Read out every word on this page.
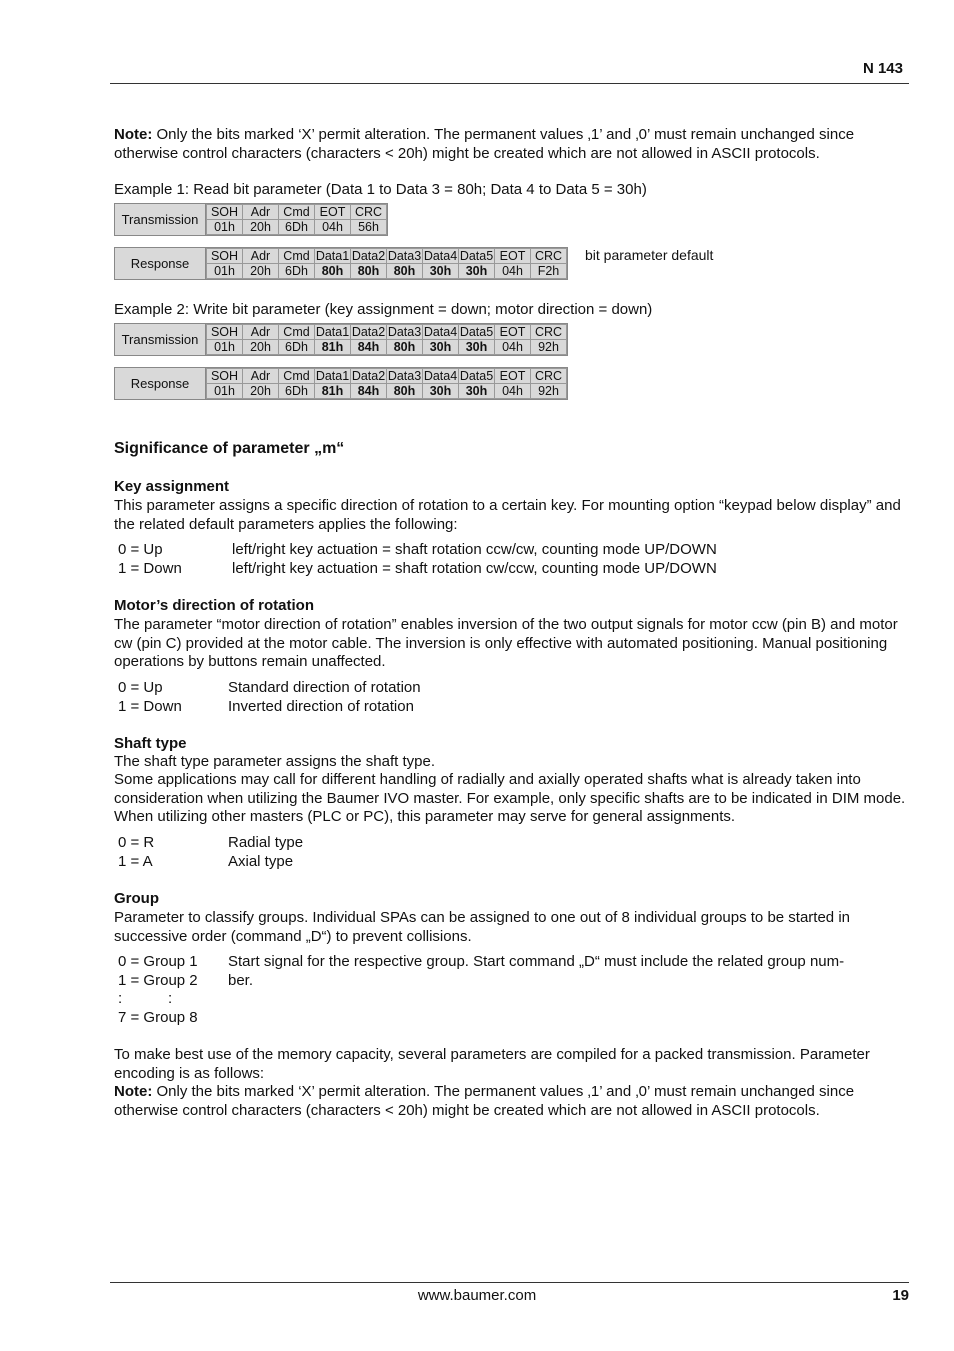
N 143
Note: Only the bits marked ‘X’ permit alteration. The permanent values ‚1’ and ‚0’ must remain unchanged since otherwise control characters (characters < 20h) might be created which are not allowed in ASCII protocols.
Example 1: Read bit parameter (Data 1 to Data 3 = 80h; Data 4 to Data 5 = 30h)
Transmission	SOH	Adr	Cmd	EOT	CRC
01h	20h	6Dh	04h	56h
Response	SOH	Adr	Cmd	Data1	Data2	Data3	Data4	Data5	EOT	CRC
01h	20h	6Dh	80h	80h	80h	30h	30h	04h	F2h
bit parameter default
Example 2: Write bit parameter (key assignment = down; motor direction = down)
Transmission	SOH	Adr	Cmd	Data1	Data2	Data3	Data4	Data5	EOT	CRC
01h	20h	6Dh	81h	84h	80h	30h	30h	04h	92h
Response	SOH	Adr	Cmd	Data1	Data2	Data3	Data4	Data5	EOT	CRC
01h	20h	6Dh	81h	84h	80h	30h	30h	04h	92h
Significance of parameter „m“
Key assignment
This parameter assigns a specific direction of rotation to a certain key. For mounting option “keypad below display” and the related default parameters applies the following:
0 = Up	left/right key actuation = shaft rotation ccw/cw, counting mode UP/DOWN
1 = Down	left/right key actuation = shaft rotation cw/ccw, counting mode UP/DOWN
Motor’s direction of rotation
The parameter “motor direction of rotation” enables inversion of the two output signals for motor ccw (pin B) and motor cw (pin C) provided at the motor cable. The inversion is only effective with automated positioning. Manual positioning operations by buttons remain unaffected.
0 = Up	Standard direction of rotation
1 = Down	Inverted direction of rotation
Shaft type
The shaft type parameter assigns the shaft type.
Some applications may call for different handling of radially and axially operated shafts what is already taken into consideration when utilizing the Baumer IVO master. For example, only specific shafts are to be indicated in DIM mode. When utilizing other masters (PLC or PC), this parameter may serve for general assignments.
0 = R	Radial type
1 = A	Axial type
Group
Parameter to classify groups. Individual SPAs can be assigned to one out of 8 individual groups to be started in successive order (command „D“) to prevent collisions.
0 = Group 1	Start signal for the respective group. Start command „D“ must include the related group num-
1 = Group 2	ber.
:           :
7 = Group 8
To make best use of the memory capacity, several parameters are compiled for a packed transmission. Parameter encoding is as follows:
Note: Only the bits marked ‘X’ permit alteration. The permanent values ‚1’ and ‚0’ must remain unchanged since otherwise control characters (characters < 20h) might be created which are not allowed in ASCII protocols.
www.baumer.com	19
